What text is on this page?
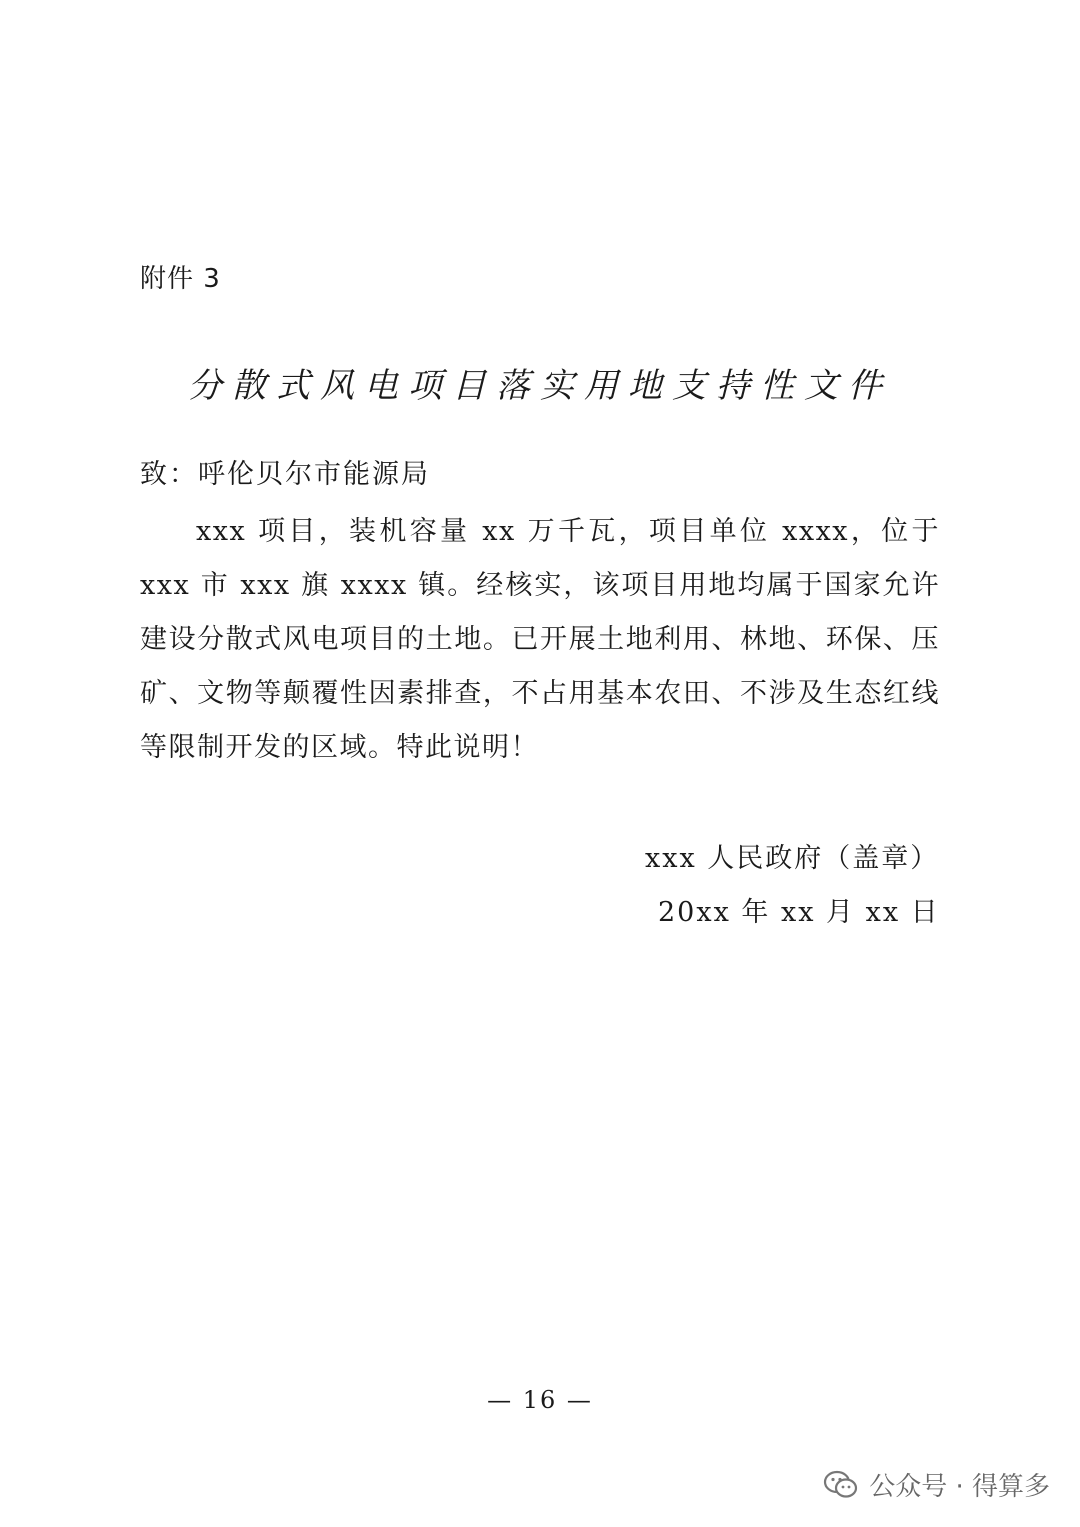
附件 3
分散式风电项目落实用地支持性文件
致：呼伦贝尔市能源局
xxx 项目，装机容量 xx 万千瓦，项目单位 xxxx，位于 xxx 市 xxx 旗 xxxx 镇。经核实，该项目用地均属于国家允许建设分散式风电项目的土地。已开展土地利用、林地、环保、压矿、文物等颠覆性因素排查，不占用基本农田、不涉及生态红线等限制开发的区域。特此说明！
xxx 人民政府（盖章）
20xx 年 xx 月 xx 日
— 16 —
公众号 · 得算多
